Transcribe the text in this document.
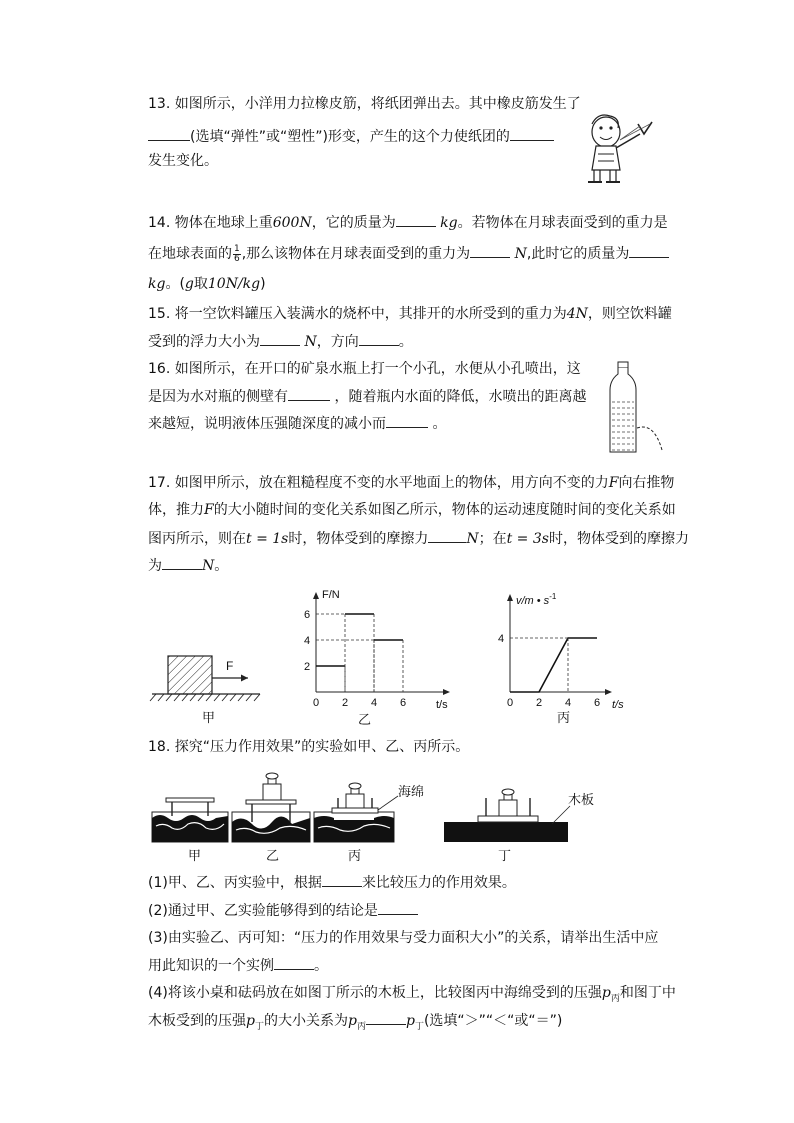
13. 如图所示，小洋用力拉橡皮筋，将纸团弹出去。其中橡皮筋发生了
(选填“弹性”或“塑性”)形变，产生的这个力使纸团的
发生变化。
14. 物体在地球上重600N，它的质量为	kg。若物体在月球表面受到的重力是
在地球表面的 $\frac{1}{6}$ ,那么该物体在月球表面受到的重力为	N,此时它的质量为
kg。(g取10N/kg)
15. 将一空饮料罐压入装满水的烧杯中，其排开的水所受到的重力为4N，则空饮料罐
受到的浮力大小为	N，方向	。
16. 如图所示，在开口的矿泉水瓶上打一个小孔，水便从小孔喷出，这
是因为水对瓶的侧壁有	，随着瓶内水面的降低，水喷出的距离越
来越短，说明液体压强随深度的减小而	。
17. 如图甲所示，放在粗糙程度不变的水平地面上的物体，用方向不变的力F向右推物
体，推力F的大小随时间的变化关系如图乙所示，物体的运动速度随时间的变化关系如
图丙所示，则在t = 1s时，物体受到的摩擦力	N；在t = 3s时，物体受到的摩擦力
为	N。
F
甲
F/N
t/s
0 2 4 6
6
4
2
乙
v/m • $s^{-1}$
t/s
0 2 4 6
4
丙
18. 探究“压力作用效果”的实验如甲、乙、丙所示。
海绵
木板
甲	乙	丙	丁
(1)甲、乙、丙实验中，根据	来比较压力的作用效果。
(2)通过甲、乙实验能够得到的结论是
(3)由实验乙、丙可知：“压力的作用效果与受力面积大小”的关系，请举出生活中应
用此知识的一个实例	。
(4)将该小桌和砝码放在如图丁所示的木板上，比较图丙中海绵受到的压强$p_丙$和图丁中
木板受到的压强$p_丁$的大小关系为$p_丙$	$p_丁$(选填“＞”“＜“或“＝”)
